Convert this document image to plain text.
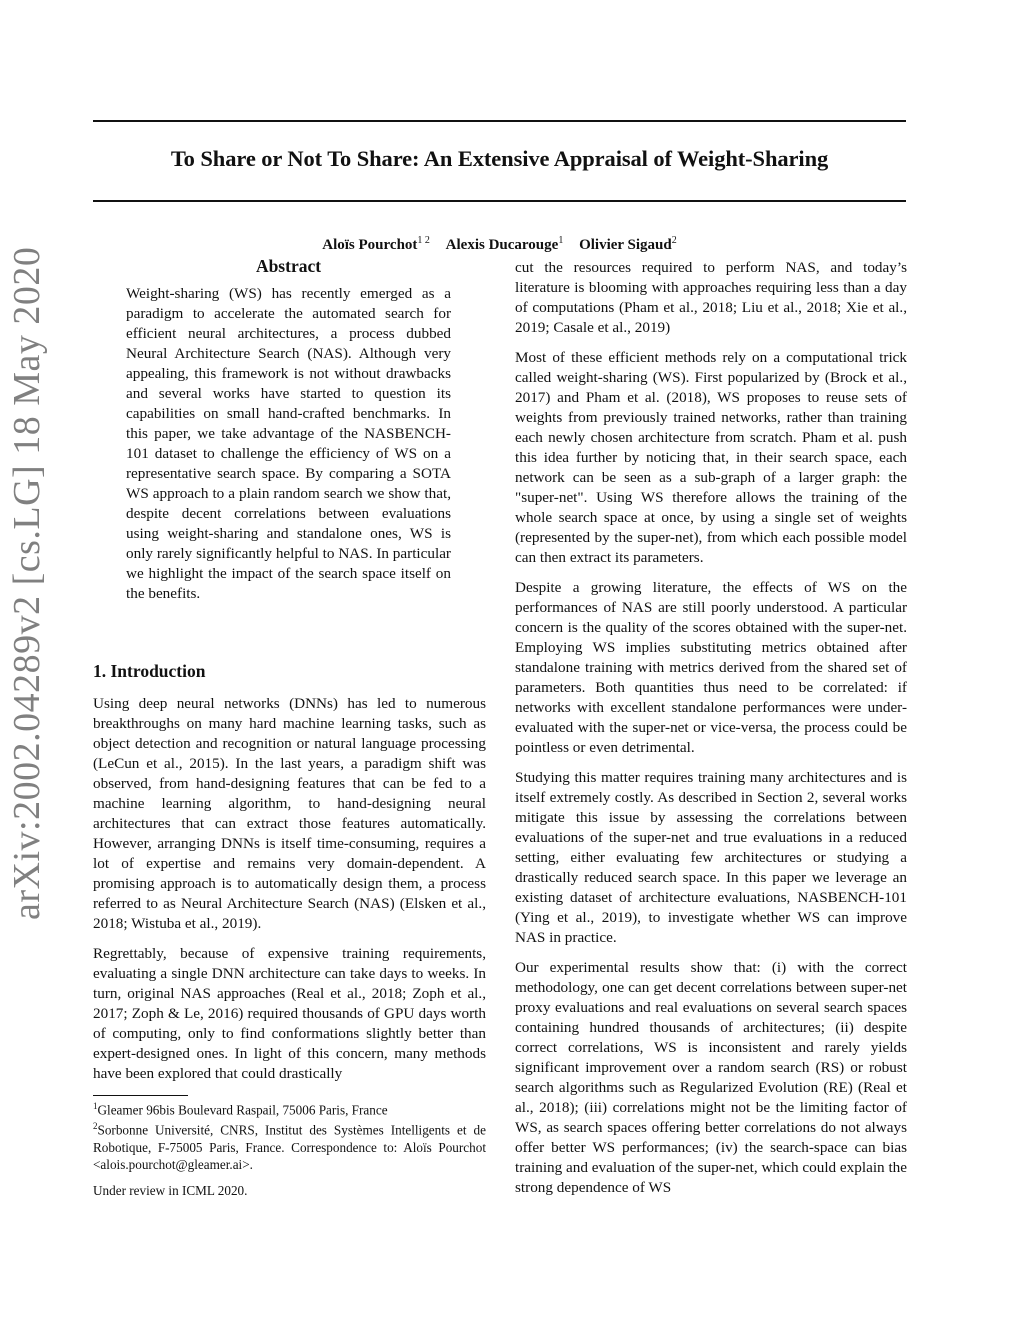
To Share or Not To Share: An Extensive Appraisal of Weight-Sharing
Aloïs Pourchot$^{1 2}$ Alexis Ducarouge$^1$ Olivier Sigaud$^2$
arXiv:2002.04289v2 [cs.LG] 18 May 2020	Abstract
Weight-sharing (WS) has recently emerged as a paradigm to accelerate the automated search for efficient neural architectures, a process dubbed Neural Architecture Search (NAS). Although very appealing, this framework is not without drawbacks and several works have started to question its capabilities on small hand-crafted benchmarks. In this paper, we take advantage of the NASBENCH-101 dataset to challenge the efficiency of WS on a representative search space. By comparing a SOTA WS approach to a plain random search we show that, despite decent correlations between evaluations using weight-sharing and standalone ones, WS is only rarely significantly helpful to NAS. In particular we highlight the impact of the search space itself on the benefits.
1. Introduction

Using deep neural networks (DNNs) has led to numerous breakthroughs on many hard machine learning tasks, such as object detection and recognition or natural language processing (LeCun et al., 2015). In the last years, a paradigm shift was observed, from hand-designing features that can be fed to a machine learning algorithm, to hand-designing neural architectures that can extract those features automatically. However, arranging DNNs is itself time-consuming, requires a lot of expertise and remains very domain-dependent. A promising approach is to automatically design them, a process referred to as Neural Architecture Search (NAS) (Elsken et al., 2018; Wistuba et al., 2019).

Regrettably, because of expensive training requirements, evaluating a single DNN architecture can take days to weeks. In turn, original NAS approaches (Real et al., 2018; Zoph et al., 2017; Zoph & Le, 2016) required thousands of GPU days worth of computing, only to find conformations slightly better than expert-designed ones. In light of this concern, many methods have been explored that could drastically

cut the resources required to perform NAS, and today’s literature is blooming with approaches requiring less than a day of computations (Pham et al., 2018; Liu et al., 2018; Xie et al., 2019; Casale et al., 2019)

Most of these efficient methods rely on a computational trick called weight-sharing (WS). First popularized by (Brock et al., 2017) and Pham et al. (2018), WS proposes to reuse sets of weights from previously trained networks, rather than training each newly chosen architecture from scratch. Pham et al. push this idea further by noticing that, in their search space, each network can be seen as a sub-graph of a larger graph: the "super-net". Using WS therefore allows the training of the whole search space at once, by using a single set of weights (represented by the super-net), from which each possible model can then extract its parameters.

Despite a growing literature, the effects of WS on the performances of NAS are still poorly understood. A particular concern is the quality of the scores obtained with the super-net. Employing WS implies substituting metrics obtained after standalone training with metrics derived from the shared set of parameters. Both quantities thus need to be correlated: if networks with excellent standalone performances were under-evaluated with the super-net or vice-versa, the process could be pointless or even detrimental.

Studying this matter requires training many architectures and is itself extremely costly. As described in Section 2, several works mitigate this issue by assessing the correlations between evaluations of the super-net and true evaluations in a reduced setting, either evaluating few architectures or studying a drastically reduced search space. In this paper we leverage an existing dataset of architecture evaluations, NASBENCH-101 (Ying et al., 2019), to investigate whether WS can improve NAS in practice.

Our experimental results show that: (i) with the correct methodology, one can get decent correlations between super-net proxy evaluations and real evaluations on several search spaces containing hundred thousands of architectures; (ii) despite correct correlations, WS is inconsistent and rarely yields significant improvement over a random search (RS) or robust search algorithms such as Regularized Evolution (RE) (Real et al., 2018); (iii) correlations might not be the limiting factor of WS, as search spaces offering better correlations do not always offer better WS performances; (iv) the search-space can bias training and evaluation of the super-net, which could explain the strong dependence of WS

$^1$Gleamer 96bis Boulevard Raspail, 75006 Paris, France

$^2$Sorbonne Université, CNRS, Institut des Systèmes Intelligents et de Robotique, F-75005 Paris, France. Correspondence to: Aloïs Pourchot <alois.pourchot@gleamer.ai>.

Under review in ICML 2020.
